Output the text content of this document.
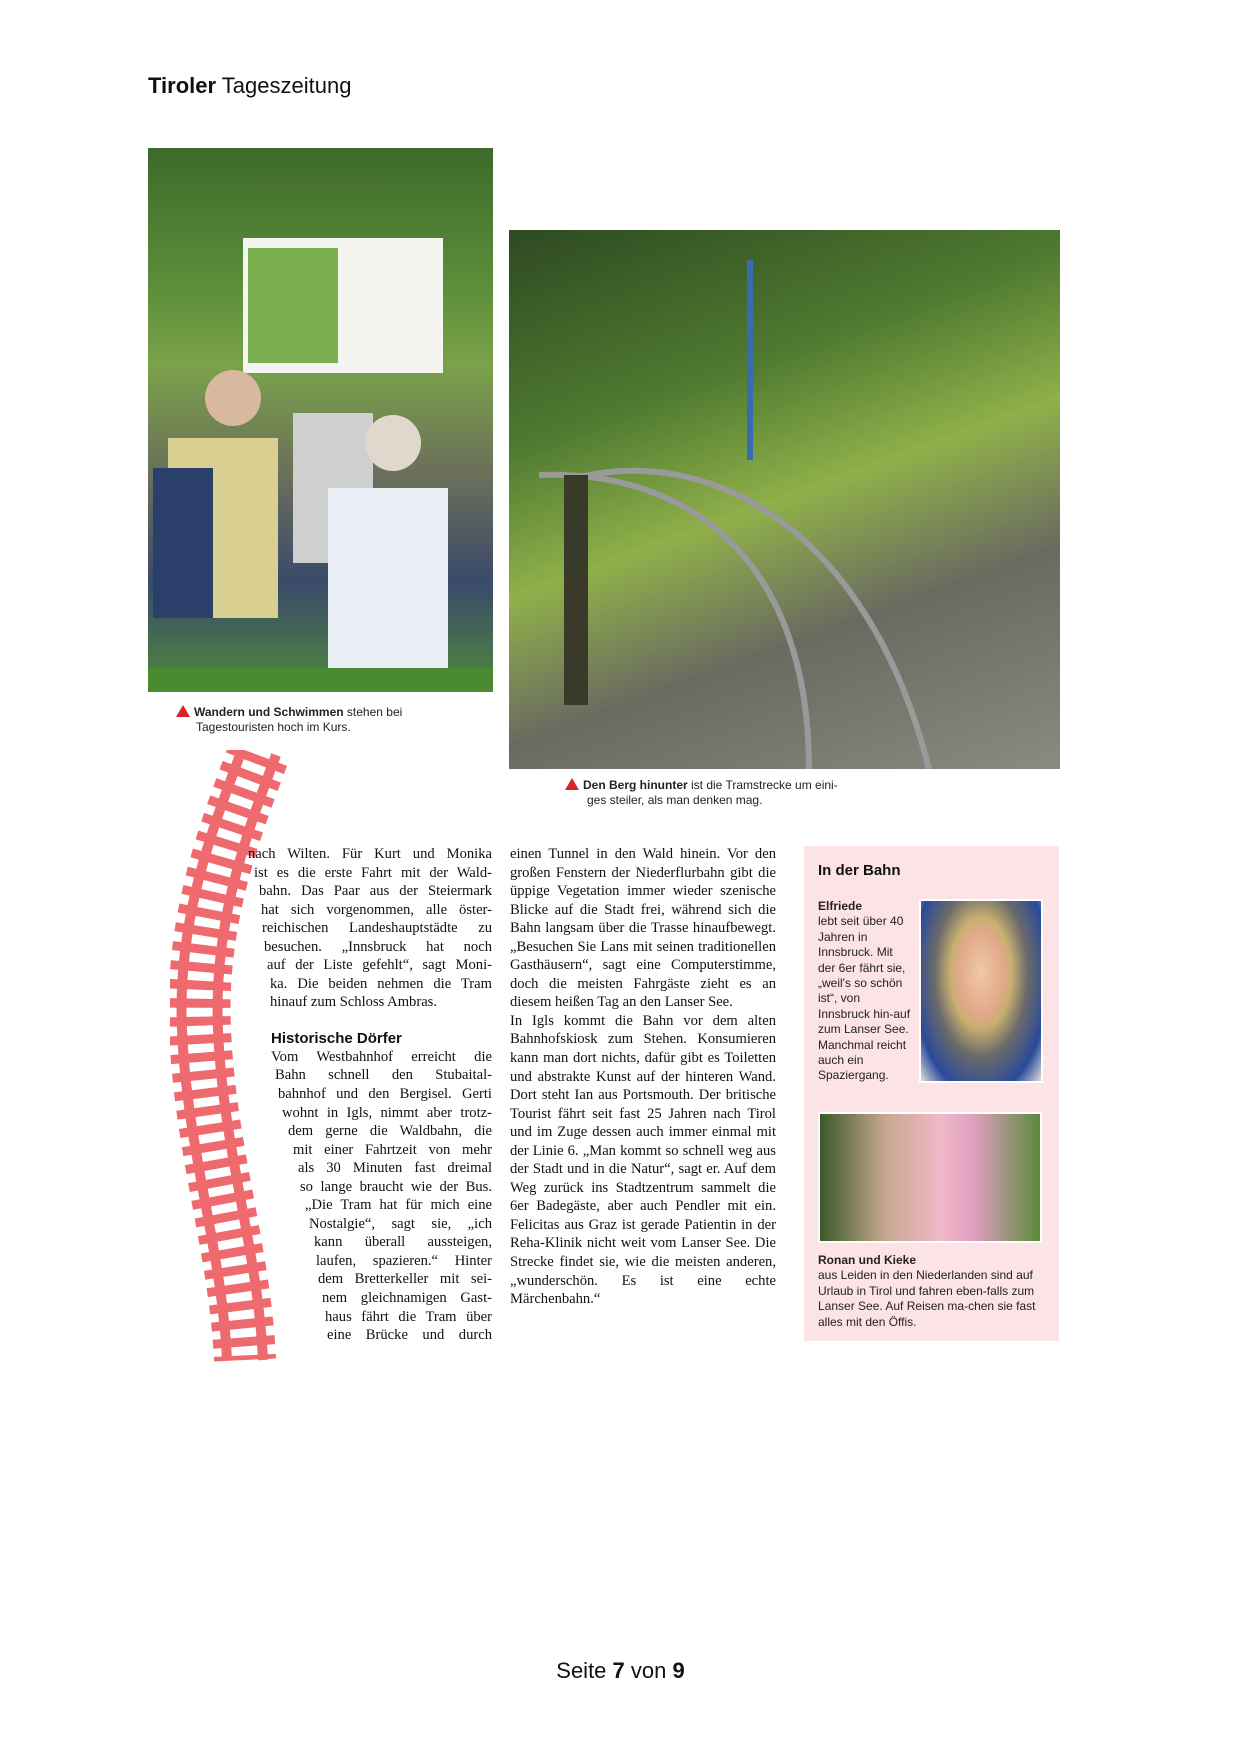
Tiroler Tageszeitung
Wandern und Schwimmen stehen bei
Tagestouristen hoch im Kurs.
Den Berg hinunter ist die Tramstrecke um eini-
ges steiler, als man denken mag.
nach Wilten. Für Kurt und Monika
ist es die erste Fahrt mit der Wald-
bahn. Das Paar aus der Steiermark
hat sich vorgenommen, alle öster-
reichischen Landeshauptstädte zu
besuchen. „Innsbruck hat noch
auf der Liste gefehlt“, sagt Moni-
ka. Die beiden nehmen die Tram
hinauf zum Schloss Ambras.
Historische Dörfer
Vom Westbahnhof erreicht die
Bahn schnell den Stubaital-
bahnhof und den Bergisel. Gerti
wohnt in Igls, nimmt aber trotz-
dem gerne die Waldbahn, die
mit einer Fahrtzeit von mehr
als 30 Minuten fast dreimal
so lange braucht wie der Bus.
„Die Tram hat für mich eine
Nostalgie“, sagt sie, „ich
kann überall aussteigen,
laufen, spazieren.“ Hinter
dem Bretterkeller mit sei-
nem gleichnamigen Gast-
haus fährt die Tram über
eine Brücke und durch

einen Tunnel in den Wald hinein. Vor den großen Fenstern der Niederflurbahn gibt die üppige Vegetation immer wieder szenische Blicke auf die Stadt frei, während sich die Bahn langsam über die Trasse hinaufbewegt. „Besuchen Sie Lans mit seinen traditionellen Gasthäusern“, sagt eine Computerstimme, doch die meisten Fahrgäste zieht es an diesem heißen Tag an den Lanser See.

In Igls kommt die Bahn vor dem alten Bahnhofskiosk zum Stehen. Konsumieren kann man dort nichts, dafür gibt es Toiletten und abstrakte Kunst auf der hinteren Wand. Dort steht Ian aus Portsmouth. Der britische Tourist fährt seit fast 25 Jahren nach Tirol und im Zuge dessen auch immer einmal mit der Linie 6. „Man kommt so schnell weg aus der Stadt und in die Natur“, sagt er. Auf dem Weg zurück ins Stadtzentrum sammelt die 6er Badegäste, aber auch Pendler mit ein. Felicitas aus Graz ist gerade Patientin in der Reha-Klinik nicht weit vom Lanser See. Die Strecke findet sie, wie die meisten anderen, „wunderschön. Es ist eine echte Märchenbahn.“

In der Bahn
Elfriede
lebt seit über 40 Jahren in Innsbruck. Mit der 6er fährt sie, „weil's so schön ist“, von Innsbruck hin-auf zum Lanser See. Manchmal reicht auch ein Spaziergang.
Ronan und Kieke
aus Leiden in den Niederlanden sind auf Urlaub in Tirol und fahren eben-falls zum Lanser See. Auf Reisen ma-chen sie fast alles mit den Öffis.
Seite 7 von 9
